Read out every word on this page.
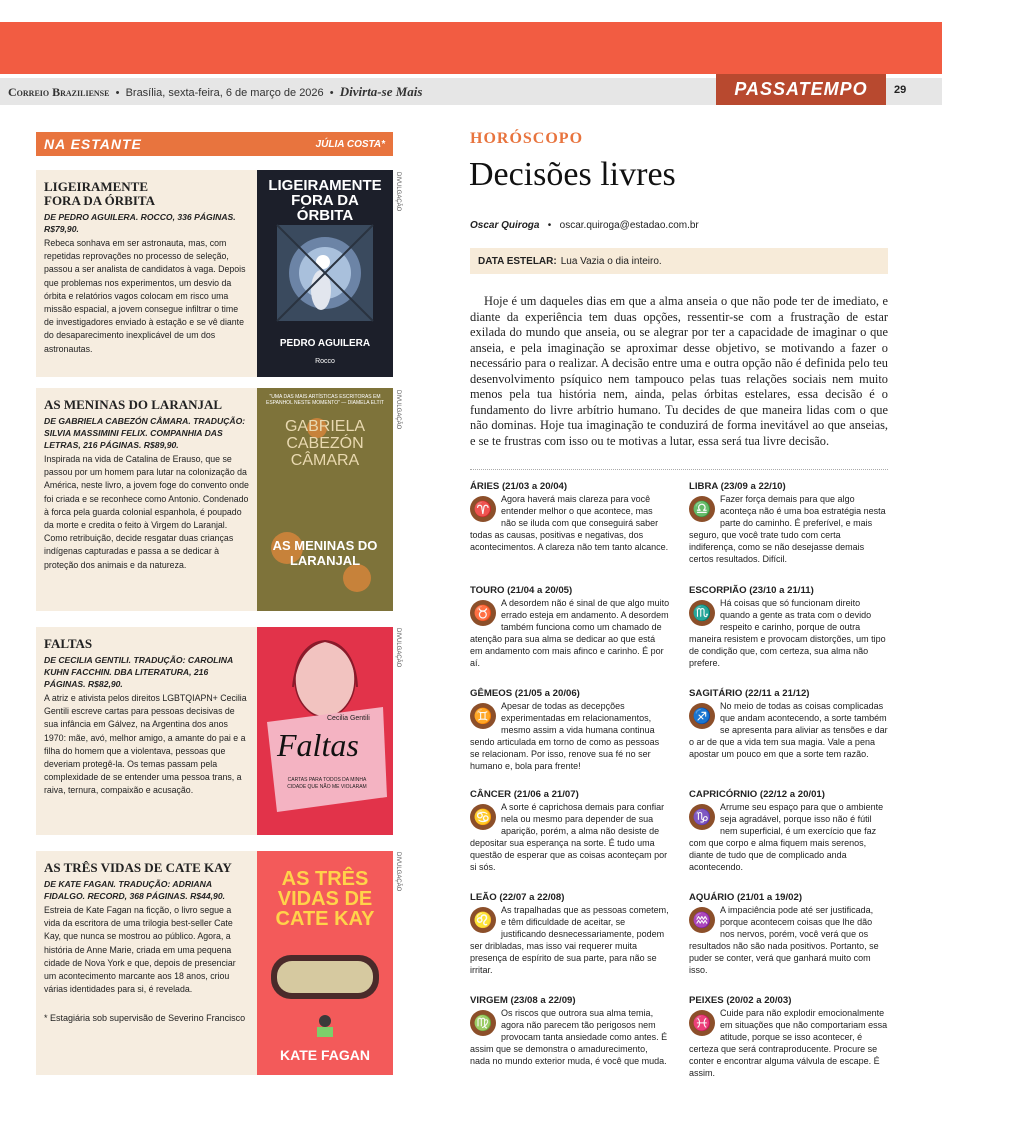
Correio Braziliense  •  Brasília, sexta-feira, 6 de março de 2026  •  Divirta-se Mais	PASSATEMPO	29
NA ESTANTE	JÚLIA COSTA*
LIGEIRAMENTE FORA DA ÓRBITA
DE PEDRO AGUILERA. ROCCO, 336 PÁGINAS. R$79,90.
Rebeca sonhava em ser astronauta, mas, com repetidas reprovações no processo de seleção, passou a ser analista de candidatos à vaga. Depois que problemas nos experimentos, um desvio da órbita e relatórios vagos colocam em risco uma missão espacial, a jovem consegue infiltrar o time de investigadores enviado à estação e se vê diante do desaparecimento inexplicável de um dos astronautas.
LIGEIRAMENTE FORA DA ÓRBITA
PEDRO AGUILERA
Rocco
DIVULGAÇÃO
AS MENINAS DO LARANJAL
DE GABRIELA CABEZÓN CÂMARA. TRADUÇÃO: SILVIA MASSIMINI FELIX. COMPANHIA DAS LETRAS, 216 PÁGINAS. R$89,90.
Inspirada na vida de Catalina de Erauso, que se passou por um homem para lutar na colonização da América, neste livro, a jovem foge do convento onde foi criada e se reconhece como Antonio. Condenado à forca pela guarda colonial espanhola, é poupado da morte e credita o feito à Virgem do Laranjal. Como retribuição, decide resgatar duas crianças indígenas capturadas e passa a se dedicar à proteção dos animais e da natureza.
"UMA DAS MAIS ARTÍSTICAS ESCRITORAS EM ESPANHOL NESTE MOMENTO" — DIAMELA ELTIT
GABRIELA CABEZÓN CÂMARA
AS MENINAS DO LARANJAL
DIVULGAÇÃO
FALTAS
DE CECILIA GENTILI. TRADUÇÃO: CAROLINA KUHN FACCHIN. DBA LITERATURA, 216 PÁGINAS. R$82,90.
A atriz e ativista pelos direitos LGBTQIAPN+ Cecilia Gentili escreve cartas para pessoas decisivas de sua infância em Gálvez, na Argentina dos anos 1970: mãe, avó, melhor amigo, a amante do pai e a filha do homem que a violentava, pessoas que deveriam protegê-la. Os temas passam pela complexidade de se entender uma pessoa trans, a raiva, ternura, compaixão e acusação.
Cecilia Gentili
Faltas
CARTAS PARA TODOS DA MINHA CIDADE QUE NÃO ME VIOLARAM
DIVULGAÇÃO
AS TRÊS VIDAS DE CATE KAY
DE KATE FAGAN. TRADUÇÃO: ADRIANA FIDALGO. RECORD, 368 PÁGINAS. R$44,90.
Estreia de Kate Fagan na ficção, o livro segue a vida da escritora de uma trilogia best-seller Cate Kay, que nunca se mostrou ao público. Agora, a história de Anne Marie, criada em uma pequena cidade de Nova York e que, depois de presenciar um acontecimento marcante aos 18 anos, criou várias identidades para si, é revelada.
* Estagiária sob supervisão de Severino Francisco
AS TRÊS VIDAS DE CATE KAY
KATE FAGAN
DIVULGAÇÃO
HORÓSCOPO
Decisões livres
Oscar Quiroga   •   oscar.quiroga@estadao.com.br
DATA ESTELAR: Lua Vazia o dia inteiro.
Hoje é um daqueles dias em que a alma anseia o que não pode ter de imediato, e diante da experiência tem duas opções, ressentir-se com a frustração de estar exilada do mundo que anseia, ou se alegrar por ter a capacidade de imaginar o que anseia, e pela imaginação se aproximar desse objetivo, se motivando a fazer o necessário para o realizar. A decisão entre uma e outra opção não é definida pelo teu desenvolvimento psíquico nem tampouco pelas tuas relações sociais nem muito menos pela tua história nem, ainda, pelas órbitas estelares, essa decisão é o fundamento do livre arbítrio humano. Tu decides de que maneira lidas com o que não dominas. Hoje tua imaginação te conduzirá de forma inevitável ao que anseias, e se te frustras com isso ou te motivas a lutar, essa será tua livre decisão.
ÁRIES (21/03 a 20/04)
♈
Agora haverá mais clareza para você entender melhor o que acontece, mas não se iluda com que conseguirá saber todas as causas, positivas e negativas, dos acontecimentos. A clareza não tem tanto alcance.
TOURO (21/04 a 20/05)
♉
A desordem não é sinal de que algo muito errado esteja em andamento. A desordem também funciona como um chamado de atenção para sua alma se dedicar ao que está em andamento com mais afinco e carinho. É por aí.
GÊMEOS (21/05 a 20/06)
♊
Apesar de todas as decepções experimentadas em relacionamentos, mesmo assim a vida humana continua sendo articulada em torno de como as pessoas se relacionam. Por isso, renove sua fé no ser humano e, bola para frente!
CÂNCER (21/06 a 21/07)
♋
A sorte é caprichosa demais para confiar nela ou mesmo para depender de sua aparição, porém, a alma não desiste de depositar sua esperança na sorte. É tudo uma questão de esperar que as coisas aconteçam por si sós.
LEÃO (22/07 a 22/08)
♌
As trapalhadas que as pessoas cometem, e têm dificuldade de aceitar, se justificando desnecessariamente, podem ser dribladas, mas isso vai requerer muita presença de espírito de sua parte, para não se irritar.
VIRGEM (23/08 a 22/09)
♍
Os riscos que outrora sua alma temia, agora não parecem tão perigosos nem provocam tanta ansiedade como antes. É assim que se demonstra o amadurecimento, nada no mundo exterior muda, é você que muda.
LIBRA (23/09 a 22/10)
♎
Fazer força demais para que algo aconteça não é uma boa estratégia nesta parte do caminho. É preferível, e mais seguro, que você trate tudo com certa indiferença, como se não desejasse demais certos resultados. Difícil.
ESCORPIÃO (23/10 a 21/11)
♏
Há coisas que só funcionam direito quando a gente as trata com o devido respeito e carinho, porque de outra maneira resistem e provocam distorções, um tipo de condição que, com certeza, sua alma não prefere.
SAGITÁRIO (22/11 a 21/12)
♐
No meio de todas as coisas complicadas que andam acontecendo, a sorte também se apresenta para aliviar as tensões e dar o ar de que a vida tem sua magia. Vale a pena apostar um pouco em que a sorte tem razão.
CAPRICÓRNIO (22/12 a 20/01)
♑
Arrume seu espaço para que o ambiente seja agradável, porque isso não é fútil nem superficial, é um exercício que faz com que corpo e alma fiquem mais serenos, diante de tudo que de complicado anda acontecendo.
AQUÁRIO (21/01 a 19/02)
♒
A impaciência pode até ser justificada, porque acontecem coisas que lhe dão nos nervos, porém, você verá que os resultados não são nada positivos. Portanto, se puder se conter, verá que ganhará muito com isso.
PEIXES (20/02 a 20/03)
♓
Cuide para não explodir emocionalmente em situações que não comportariam essa atitude, porque se isso acontecer, é certeza que será contraproducente. Procure se conter e encontrar alguma válvula de escape. É assim.
